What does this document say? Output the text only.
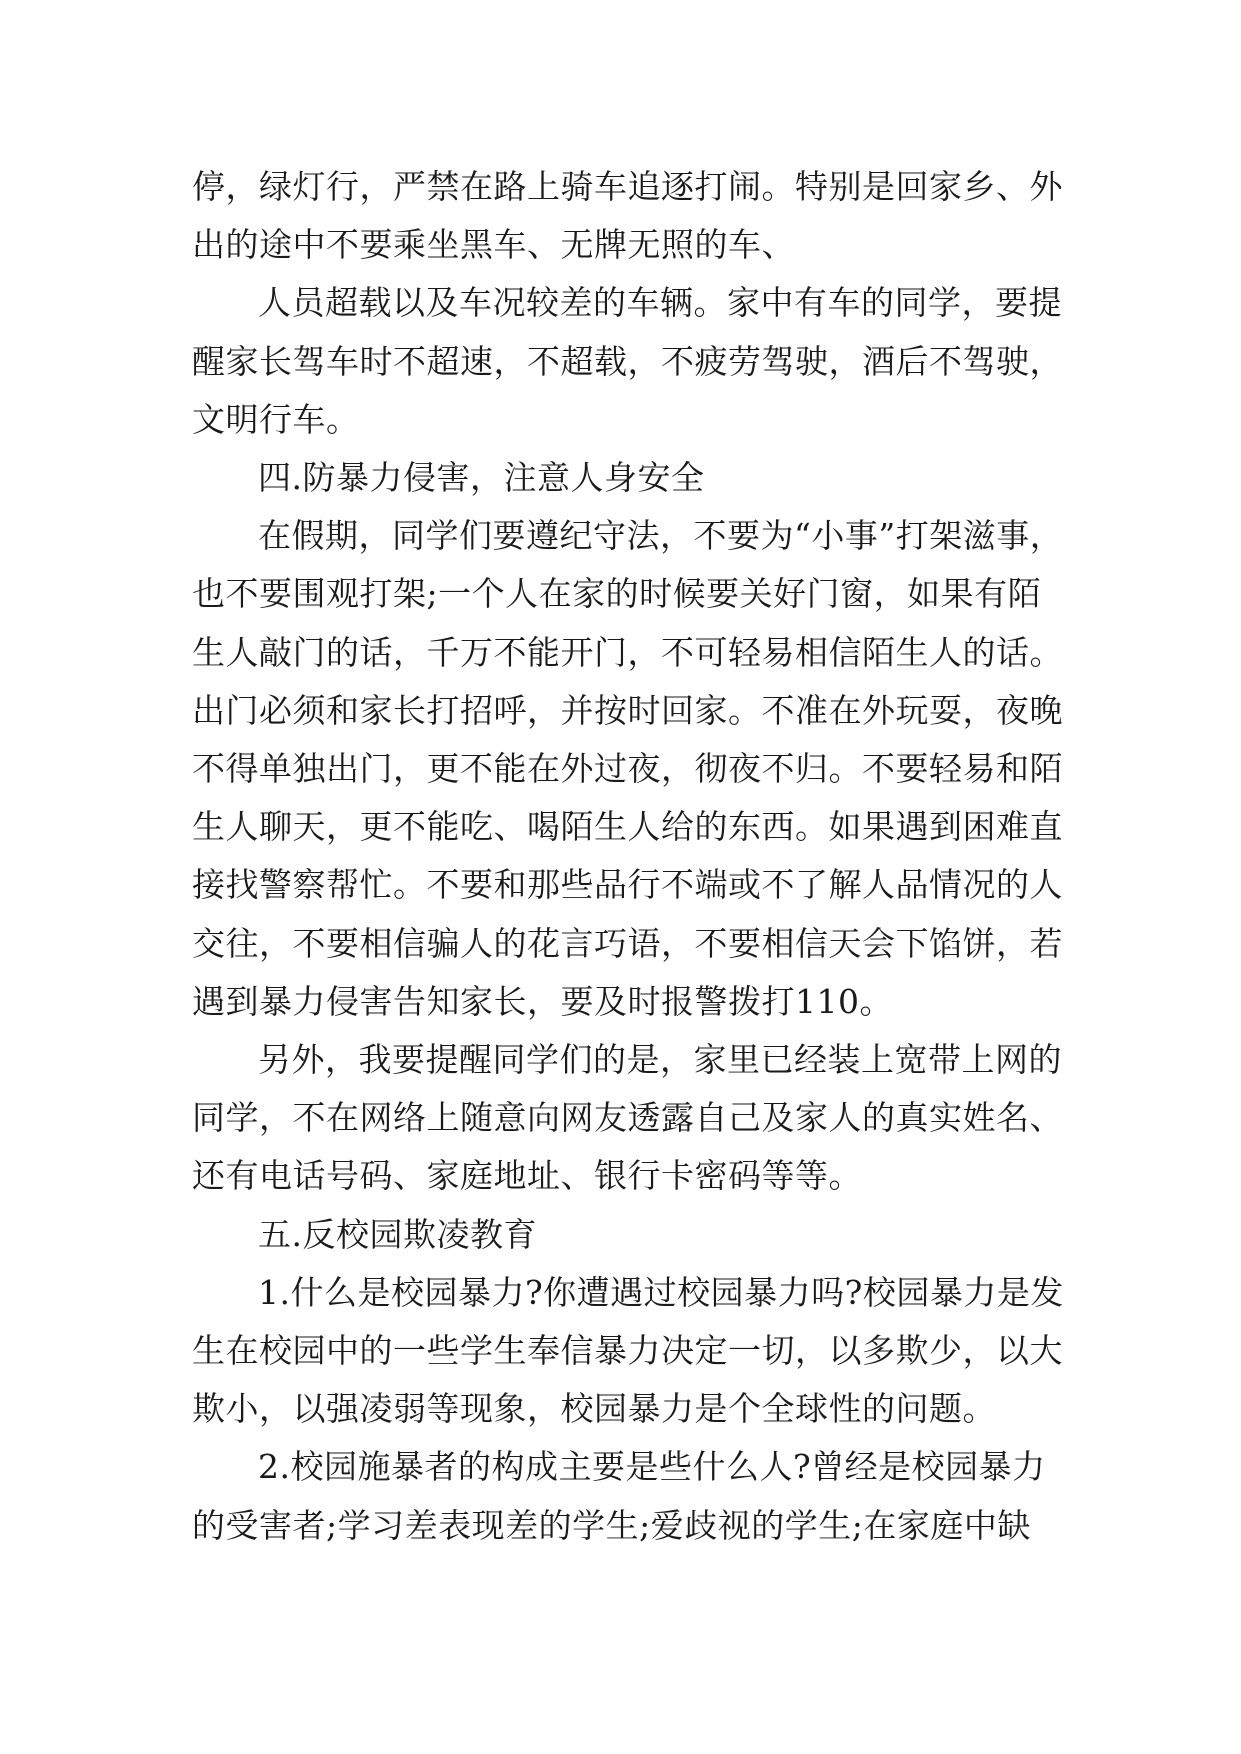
停，绿灯行，严禁在路上骑车追逐打闹。特别是回家乡、外出的途中不要乘坐黑车、无牌无照的车、

人员超载以及车况较差的车辆。家中有车的同学，要提醒家长驾车时不超速，不超载，不疲劳驾驶，酒后不驾驶，文明行车。

四.防暴力侵害，注意人身安全

在假期，同学们要遵纪守法，不要为“小事”打架滋事，也不要围观打架;一个人在家的时候要关好门窗，如果有陌生人敲门的话，千万不能开门，不可轻易相信陌生人的话。出门必须和家长打招呼，并按时回家。不准在外玩耍，夜晚不得单独出门，更不能在外过夜，彻夜不归。不要轻易和陌生人聊天，更不能吃、喝陌生人给的东西。如果遇到困难直接找警察帮忙。不要和那些品行不端或不了解人品情况的人交往，不要相信骗人的花言巧语，不要相信天会下馅饼，若遇到暴力侵害告知家长，要及时报警拨打110。

另外，我要提醒同学们的是，家里已经装上宽带上网的同学，不在网络上随意向网友透露自己及家人的真实姓名、还有电话号码、家庭地址、银行卡密码等等。

五.反校园欺凌教育

1.什么是校园暴力?你遭遇过校园暴力吗?校园暴力是发生在校园中的一些学生奉信暴力决定一切，以多欺少，以大欺小，以强凌弱等现象，校园暴力是个全球性的问题。

2.校园施暴者的构成主要是些什么人?曾经是校园暴力的受害者;学习差表现差的学生;爱歧视的学生;在家庭中缺
